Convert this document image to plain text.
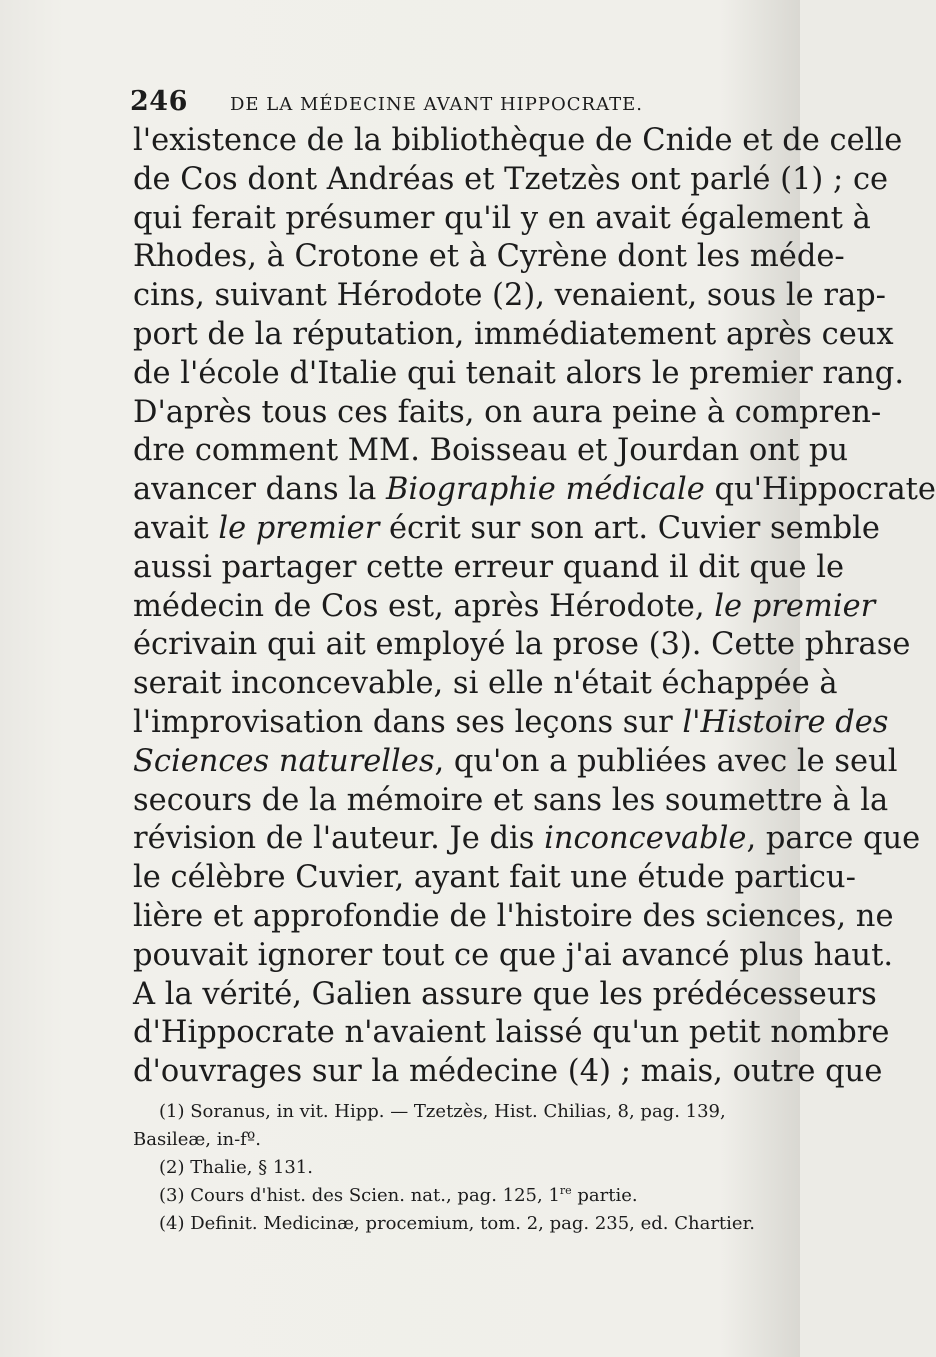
246 DE LA MÉDECINE AVANT HIPPOCRATE.
l'existence de la bibliothèque de Cnide et de celle
de Cos dont Andréas et Tzetzès ont parlé (1) ; ce
qui ferait présumer qu'il y en avait également à
Rhodes, à Crotone et à Cyrène dont les méde-
cins, suivant Hérodote (2), venaient, sous le rap-
port de la réputation, immédiatement après ceux
de l'école d'Italie qui tenait alors le premier rang.
D'après tous ces faits, on aura peine à compren-
dre comment MM. Boisseau et Jourdan ont pu
avancer dans la Biographie médicale qu'Hippocrate
avait le premier écrit sur son art. Cuvier semble
aussi partager cette erreur quand il dit que le
médecin de Cos est, après Hérodote, le premier
écrivain qui ait employé la prose (3). Cette phrase
serait inconcevable, si elle n'était échappée à
l'improvisation dans ses leçons sur l'Histoire des
Sciences naturelles, qu'on a publiées avec le seul
secours de la mémoire et sans les soumettre à la
révision de l'auteur. Je dis inconcevable, parce que
le célèbre Cuvier, ayant fait une étude particu-
lière et approfondie de l'histoire des sciences, ne
pouvait ignorer tout ce que j'ai avancé plus haut.
A la vérité, Galien assure que les prédécesseurs
d'Hippocrate n'avaient laissé qu'un petit nombre
d'ouvrages sur la médecine (4) ; mais, outre que
(1) Soranus, in vit. Hipp. — Tzetzès, Hist. Chilias, 8, pag. 139,
Basileæ, in-fº.
(2) Thalie, § 131.
(3) Cours d'hist. des Scien. nat., pag. 125, 1re partie.
(4) Definit. Medicinæ, procemium, tom. 2, pag. 235, ed. Chartier.
